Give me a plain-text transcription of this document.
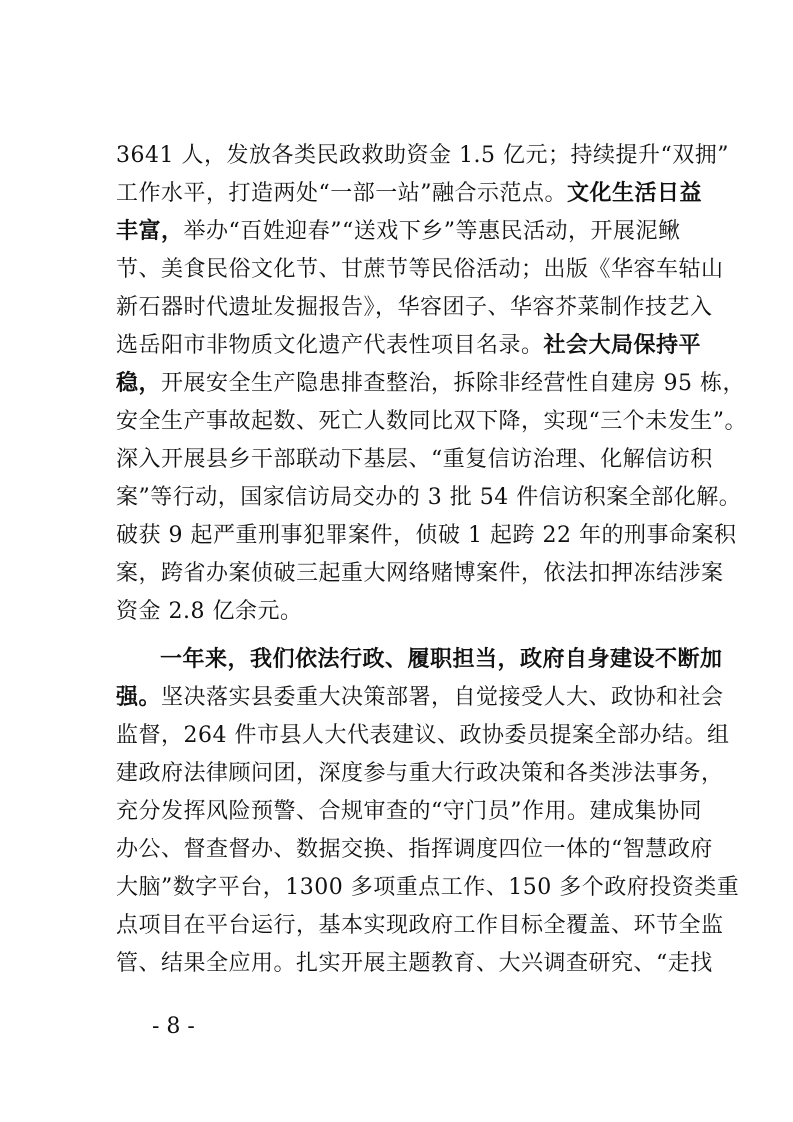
3641 人，发放各类民政救助资金 1.5 亿元；持续提升“双拥”
工作水平，打造两处“一部一站”融合示范点。文化生活日益
丰富，举办“百姓迎春”“送戏下乡”等惠民活动，开展泥鳅
节、美食民俗文化节、甘蔗节等民俗活动；出版《华容车轱山
新石器时代遗址发掘报告》，华容团子、华容芥菜制作技艺入
选岳阳市非物质文化遗产代表性项目名录。社会大局保持平
稳，开展安全生产隐患排查整治，拆除非经营性自建房 95 栋，
安全生产事故起数、死亡人数同比双下降，实现“三个未发生”。
深入开展县乡干部联动下基层、“重复信访治理、化解信访积
案”等行动，国家信访局交办的 3 批 54 件信访积案全部化解。
破获 9 起严重刑事犯罪案件，侦破 1 起跨 22 年的刑事命案积
案，跨省办案侦破三起重大网络赌博案件，依法扣押冻结涉案
资金 2.8 亿余元。
一年来，我们依法行政、履职担当，政府自身建设不断加
强。坚决落实县委重大决策部署，自觉接受人大、政协和社会
监督，264 件市县人大代表建议、政协委员提案全部办结。组
建政府法律顾问团，深度参与重大行政决策和各类涉法事务，
充分发挥风险预警、合规审查的“守门员”作用。建成集协同
办公、督查督办、数据交换、指挥调度四位一体的“智慧政府
大脑”数字平台，1300 多项重点工作、150 多个政府投资类重
点项目在平台运行，基本实现政府工作目标全覆盖、环节全监
管、结果全应用。扎实开展主题教育、大兴调查研究、“走找
- 8 -
